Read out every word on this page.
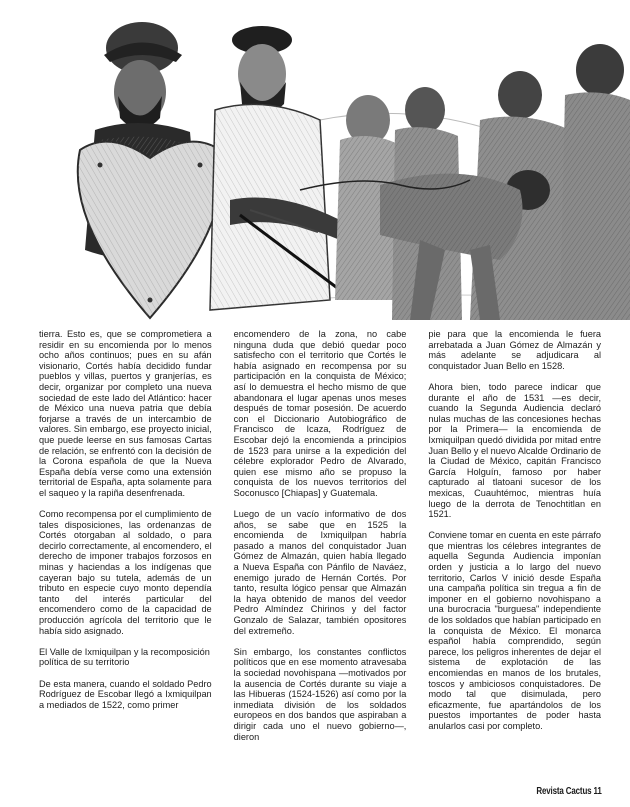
tierra. Esto es, que se comprometiera a residir en su encomienda por lo menos ocho años continuos; pues en su afán visionario, Cortés había decidido fundar pueblos y villas, puertos y granjerías, es decir, organizar por completo una nueva sociedad de este lado del Atlántico: hacer de México una nueva patria que debía forjarse a través de un intercambio de valores. Sin embargo, ese proyecto inicial, que puede leerse en sus famosas Cartas de relación, se enfrentó con la decisión de la Corona española de que la Nueva España debía verse como una extensión territorial de España, apta solamente para el saqueo y la rapiña desenfrenada.

Como recompensa por el cumplimiento de tales disposiciones, las ordenanzas de Cortés otorgaban al soldado, o para decirlo correctamente, al encomendero, el derecho de imponer trabajos forzosos en minas y haciendas a los indígenas que cayeran bajo su tutela, además de un tributo en especie cuyo monto dependía tanto del interés particular del encomendero como de la capacidad de producción agrícola del territorio que le había sido asignado.

El Valle de Ixmiquilpan y la recomposición política de su territorio

De esta manera, cuando el soldado Pedro Rodríguez de Escobar llegó a Ixmiquilpan a mediados de 1522, como primer

encomendero de la zona, no cabe ninguna duda que debió quedar poco satisfecho con el territorio que Cortés le había asignado en recompensa por su participación en la conquista de México; así lo demuestra el hecho mismo de que abandonara el lugar apenas unos meses después de tomar posesión. De acuerdo con el Diccionario Autobiográfico de Francisco de Icaza, Rodríguez de Escobar dejó la encomienda a principios de 1523 para unirse a la expedición del célebre explorador Pedro de Alvarado, quien ese mismo año se propuso la conquista de los nuevos territorios del Soconusco [Chiapas] y Guatemala.

Luego de un vacío informativo de dos años, se sabe que en 1525 la encomienda de Ixmiquilpan habría pasado a manos del conquistador Juan Gómez de Almazán, quien había llegado a Nueva España con Pánfilo de Naváez, enemigo jurado de Hernán Cortés. Por tanto, resulta lógico pensar que Almazán la haya obtenido de manos del veedor Pedro Almíndez Chirinos y del factor Gonzalo de Salazar, también opositores del extremeño.

Sin embargo, los constantes conflictos políticos que en ese momento atravesaba la sociedad novohispana —motivados por la ausencia de Cortés durante su viaje a las Hibueras (1524-1526) así como por la inmediata división de los soldados europeos en dos bandos que aspiraban a dirigir cada uno el nuevo gobierno—, dieron

pie para que la encomienda le fuera arrebatada a Juan Gómez de Almazán y más adelante se adjudicara al conquistador Juan Bello en 1528.

Ahora bien, todo parece indicar que durante el año de 1531 —es decir, cuando la Segunda Audiencia declaró nulas muchas de las concesiones hechas por la Primera— la encomienda de Ixmiquilpan quedó dividida por mitad entre Juan Bello y el nuevo Alcalde Ordinario de la Ciudad de México, capitán Francisco García Holguín, famoso por haber capturado al tlatoani sucesor de los mexicas, Cuauhtémoc, mientras huía luego de la derrota de Tenochtitlan en 1521.

Conviene tomar en cuenta en este párrafo que mientras los célebres integrantes de aquella Segunda Audiencia imponían orden y justicia a lo largo del nuevo territorio, Carlos V inició desde España una campaña política sin tregua a fin de imponer en el gobierno novohispano a una burocracia "burguesa" independiente de los soldados que habían participado en la conquista de México. El monarca español había comprendido, según parece, los peligros inherentes de dejar el sistema de explotación de las encomiendas en manos de los brutales, toscos y ambiciosos conquistadores. De modo tal que disimulada, pero eficazmente, fue apartándolos de los puestos importantes de poder hasta anularlos casi por completo.

Revista Cactus 11
